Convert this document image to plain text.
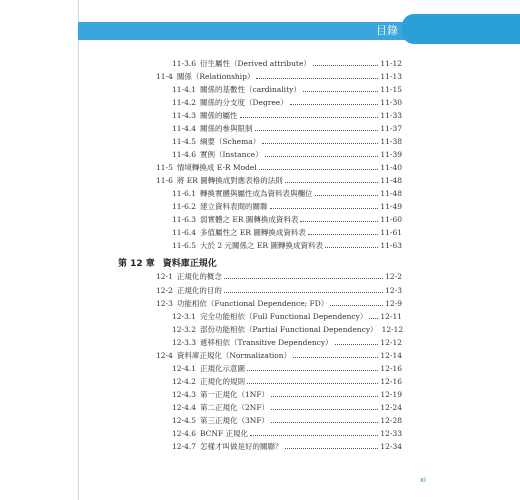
目錄
11-3.6 衍生屬性（Derived attribute）	11-12
11-4 關係（Relationship）	11-13
11-4.1 關係的基數性（cardinality）	11-15
11-4.2 關係的分支度（Degree）	11-30
11-4.3 關係的屬性	11-33
11-4.4 關係的參與限制	11-37
11-4.5 綱要（Schema）	11-38
11-4.6 實例（Instance）	11-39
11-5 情境轉換成 E-R Model	11-40
11-6 將 ER 圖轉換成對應表格的法則	11-48
11-6.1 轉換實體與屬性成為資料表與欄位	11-48
11-6.2 建立資料表間的關聯	11-49
11-6.3 弱實體之 ER 圖轉換成資料表	11-60
11-6.4 多值屬性之 ER 圖轉換成資料表	11-61
11-6.5 大於 2 元關係之 ER 圖轉換成資料表	11-63
第 12 章 資料庫正規化
12-1 正規化的概念	12-2
12-2 正規化的目的	12-3
12-3 功能相依（Functional Dependence; FD）	12-9
12-3.1 完全功能相依（Full Functional Dependency） 12-11
12-3.2 部份功能相依（Partial Functional Dependency） 12-12
12-3.3 遞移相依（Transitive Dependency）	12-12
12-4 資料庫正規化（Normalization）	12-14
12-4.1 正規化示意圖	12-16
12-4.2 正規化的規則	12-16
12-4.3 第一正規化（1NF）	12-19
12-4.4 第二正規化（2NF）	12-24
12-4.5 第三正規化（3NF）	12-28
12-4.6 BCNF 正規化	12-33
12-4.7 怎樣才叫做是好的關聯？	12-34
xi
